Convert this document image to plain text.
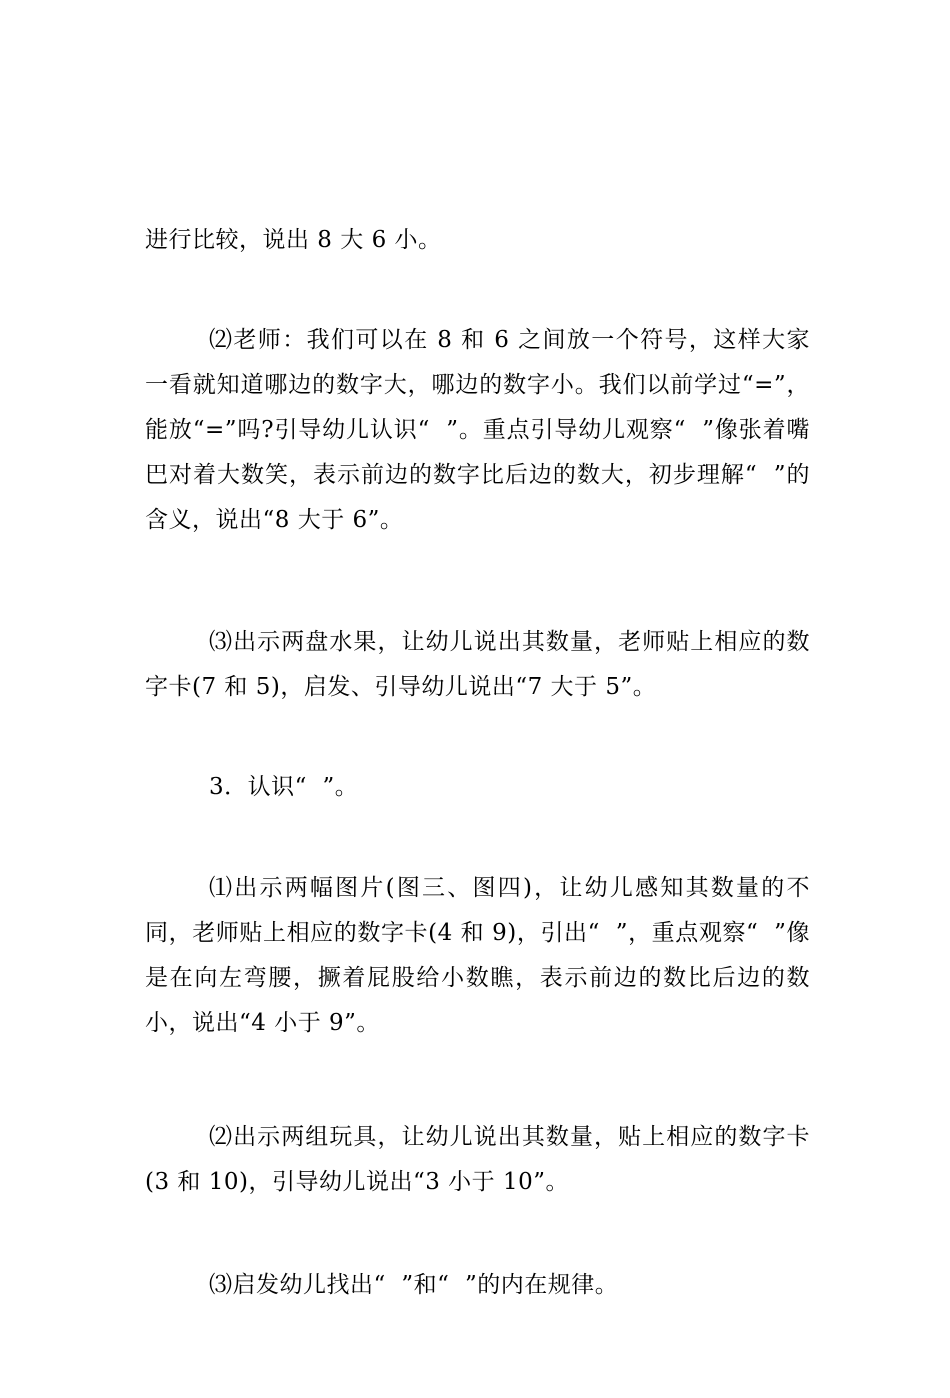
进行比较，说出 8 大 6 小。

⑵老师：我们可以在 8 和 6 之间放一个符号，这样大家一看就知道哪边的数字大，哪边的数字小。我们以前学过“=”，能放“=”吗?引导幼儿认识“  ”。重点引导幼儿观察“  ”像张着嘴巴对着大数笑，表示前边的数字比后边的数大，初步理解“  ”的含义，说出“8 大于 6”。

⑶出示两盘水果，让幼儿说出其数量，老师贴上相应的数字卡(7 和 5)，启发、引导幼儿说出“7 大于 5”。

3．认识“  ”。

⑴出示两幅图片(图三、图四)，让幼儿感知其数量的不同，老师贴上相应的数字卡(4 和 9)，引出“  ”，重点观察“  ”像是在向左弯腰，撅着屁股给小数瞧，表示前边的数比后边的数小，说出“4 小于 9”。

⑵出示两组玩具，让幼儿说出其数量，贴上相应的数字卡(3 和 10)，引导幼儿说出“3 小于 10”。

⑶启发幼儿找出“  ”和“  ”的内在规律。
